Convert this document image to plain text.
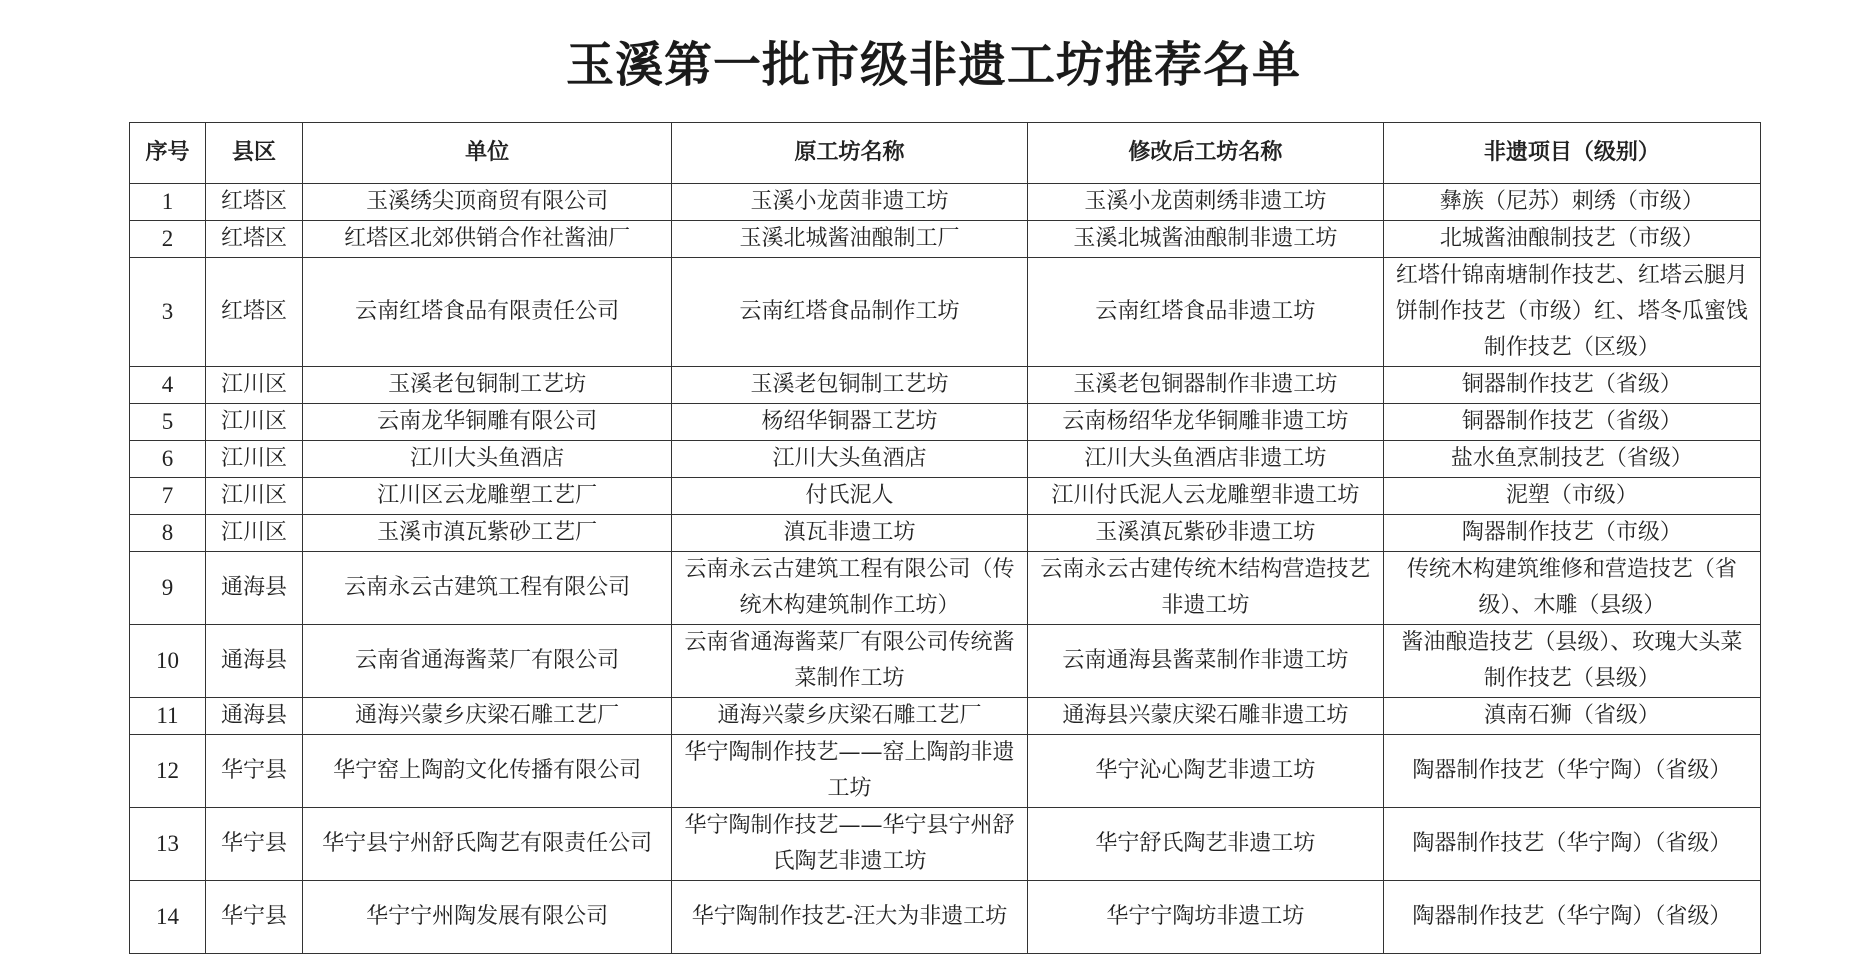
玉溪第一批市级非遗工坊推荐名单
序号	县区	单位	原工坊名称	修改后工坊名称	非遗项目（级别）
1	红塔区	玉溪绣尖顶商贸有限公司	玉溪小龙茵非遗工坊	玉溪小龙茵刺绣非遗工坊	彝族（尼苏）刺绣（市级）
2	红塔区	红塔区北郊供销合作社酱油厂	玉溪北城酱油酿制工厂	玉溪北城酱油酿制非遗工坊	北城酱油酿制技艺（市级）
3	红塔区	云南红塔食品有限责任公司	云南红塔食品制作工坊	云南红塔食品非遗工坊	红塔什锦南塘制作技艺、红塔云腿月饼制作技艺（市级）红、塔冬瓜蜜饯制作技艺（区级）
4	江川区	玉溪老包铜制工艺坊	玉溪老包铜制工艺坊	玉溪老包铜器制作非遗工坊	铜器制作技艺（省级）
5	江川区	云南龙华铜雕有限公司	杨绍华铜器工艺坊	云南杨绍华龙华铜雕非遗工坊	铜器制作技艺（省级）
6	江川区	江川大头鱼酒店	江川大头鱼酒店	江川大头鱼酒店非遗工坊	盐水鱼烹制技艺（省级）
7	江川区	江川区云龙雕塑工艺厂	付氏泥人	江川付氏泥人云龙雕塑非遗工坊	泥塑（市级）
8	江川区	玉溪市滇瓦紫砂工艺厂	滇瓦非遗工坊	玉溪滇瓦紫砂非遗工坊	陶器制作技艺（市级）
9	通海县	云南永云古建筑工程有限公司	云南永云古建筑工程有限公司（传统木构建筑制作工坊）	云南永云古建传统木结构营造技艺非遗工坊	传统木构建筑维修和营造技艺（省级）、木雕（县级）
10	通海县	云南省通海酱菜厂有限公司	云南省通海酱菜厂有限公司传统酱菜制作工坊	云南通海县酱菜制作非遗工坊	酱油酿造技艺（县级）、玫瑰大头菜制作技艺（县级）
11	通海县	通海兴蒙乡庆梁石雕工艺厂	通海兴蒙乡庆梁石雕工艺厂	通海县兴蒙庆梁石雕非遗工坊	滇南石狮（省级）
12	华宁县	华宁窑上陶韵文化传播有限公司	华宁陶制作技艺——窑上陶韵非遗工坊	华宁沁心陶艺非遗工坊	陶器制作技艺（华宁陶）（省级）
13	华宁县	华宁县宁州舒氏陶艺有限责任公司	华宁陶制作技艺——华宁县宁州舒氏陶艺非遗工坊	华宁舒氏陶艺非遗工坊	陶器制作技艺（华宁陶）（省级）
14	华宁县	华宁宁州陶发展有限公司	华宁陶制作技艺-汪大为非遗工坊	华宁宁陶坊非遗工坊	陶器制作技艺（华宁陶）（省级）
